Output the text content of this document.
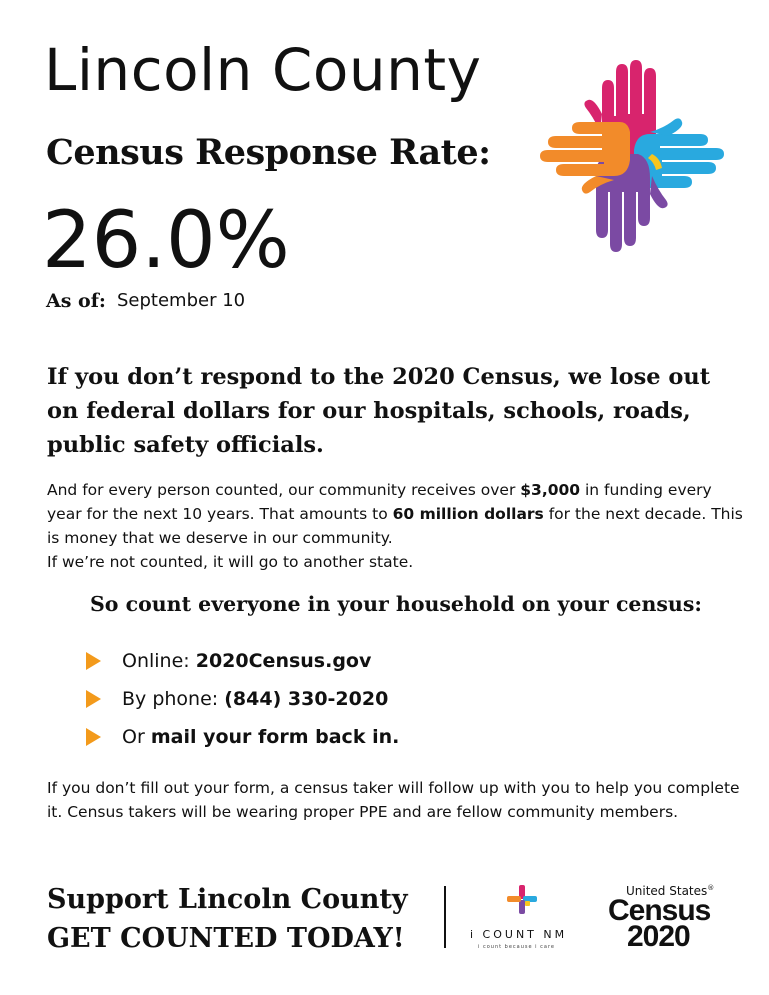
Lincoln County
Census Response Rate:
26.0%
As of: September 10
If you don’t respond to the 2020 Census, we lose out on federal dollars for our hospitals, schools, roads, public safety officials.
And for every person counted, our community receives over $3,000 in funding every year for the next 10 years. That amounts to 60 million dollars for the next decade. This is money that we deserve in our community.
If we’re not counted, it will go to another state.
So count everyone in your household on your census:
Online:
2020Census.gov
By phone:
(844) 330-2020
Or
mail your form back in.
If you don’t fill out your form, a census taker will follow up with you to help you complete it. Census takers will be wearing proper PPE and are fellow community members.
Support Lincoln County
GET COUNTED TODAY!	i COUNT NM
i count because i care
United States®
Census
2020
